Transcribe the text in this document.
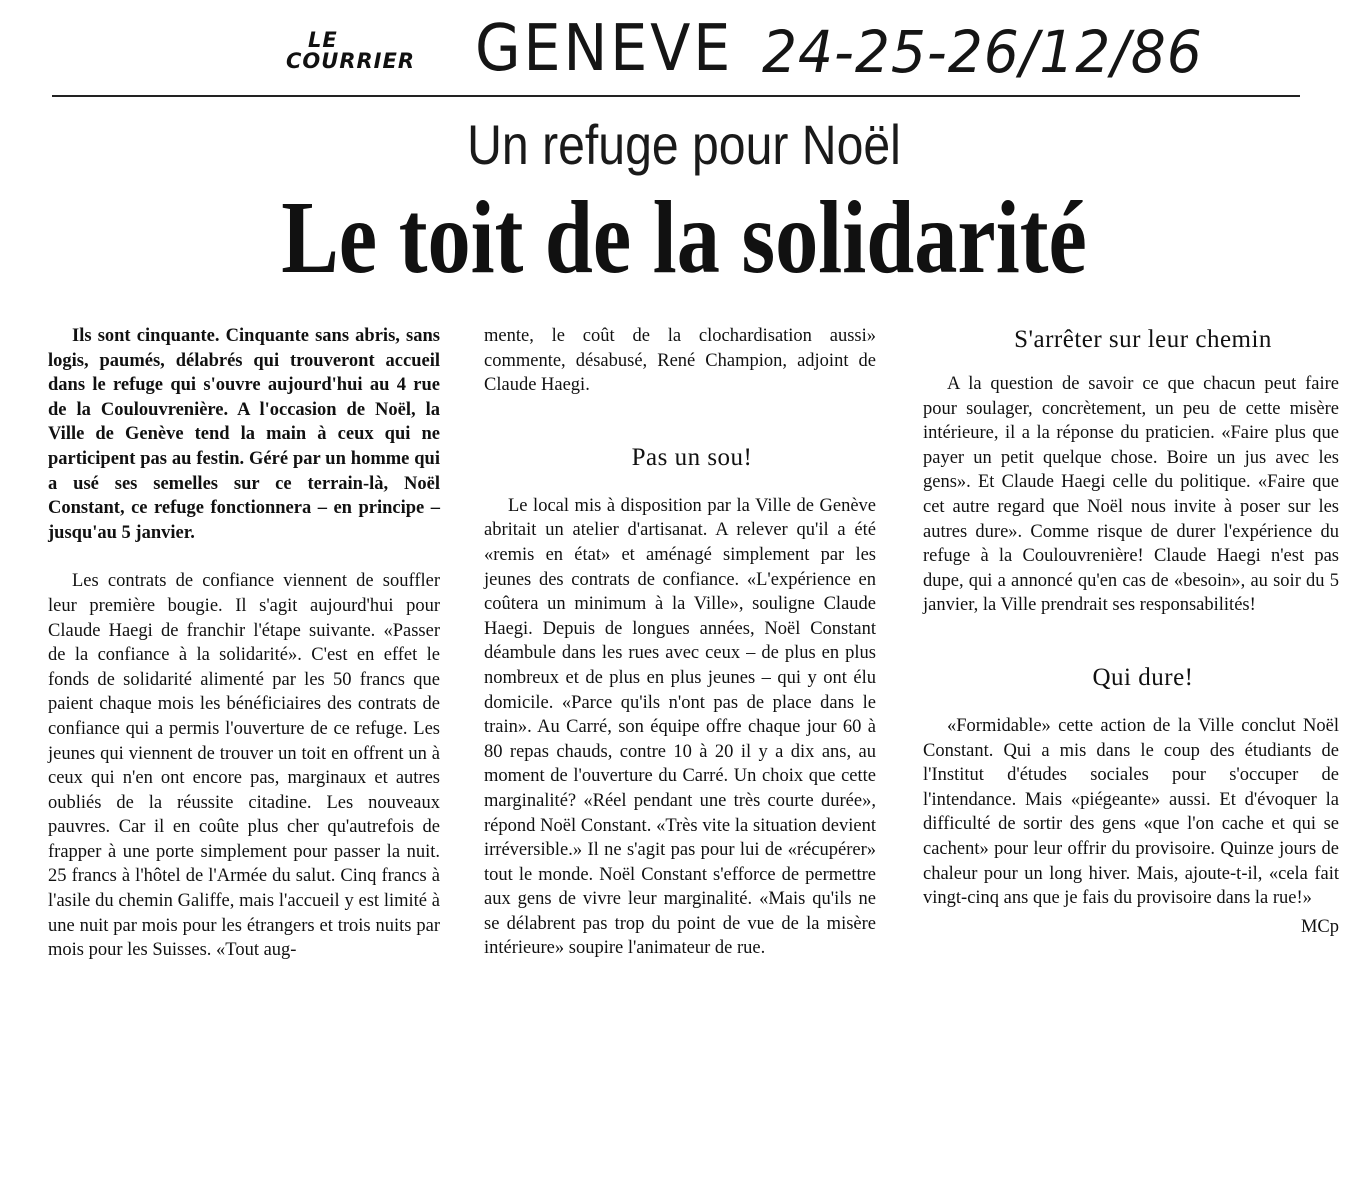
LE
COURRIER GENEVE 24-25-26/12/86
Un refuge pour Noël
Le toit de la solidarité

Ils sont cinquante. Cinquante sans abris, sans logis, paumés, délabrés qui trouveront accueil dans le refuge qui s'ouvre aujourd'hui au 4 rue de la Coulouvrenière. A l'occasion de Noël, la Ville de Genève tend la main à ceux qui ne participent pas au festin. Géré par un homme qui a usé ses semelles sur ce terrain-là, Noël Constant, ce refuge fonctionnera – en principe – jusqu'au 5 janvier.

Les contrats de confiance viennent de souffler leur première bougie. Il s'agit aujourd'hui pour Claude Haegi de franchir l'étape suivante. «Passer de la confiance à la solidarité». C'est en effet le fonds de solidarité alimenté par les 50 francs que paient chaque mois les bénéficiaires des contrats de confiance qui a permis l'ouverture de ce refuge. Les jeunes qui viennent de trouver un toit en offrent un à ceux qui n'en ont encore pas, marginaux et autres oubliés de la réussite citadine. Les nouveaux pauvres. Car il en coûte plus cher qu'autrefois de frapper à une porte simplement pour passer la nuit. 25 francs à l'hôtel de l'Armée du salut. Cinq francs à l'asile du chemin Galiffe, mais l'accueil y est limité à une nuit par mois pour les étrangers et trois nuits par mois pour les Suisses. «Tout aug-

mente, le coût de la clochardisation aussi» commente, désabusé, René Champion, adjoint de Claude Haegi.

Pas un sou!

Le local mis à disposition par la Ville de Genève abritait un atelier d'artisanat. A relever qu'il a été «remis en état» et aménagé simplement par les jeunes des contrats de confiance. «L'expérience en coûtera un minimum à la Ville», souligne Claude Haegi. Depuis de longues années, Noël Constant déambule dans les rues avec ceux – de plus en plus nombreux et de plus en plus jeunes – qui y ont élu domicile. «Parce qu'ils n'ont pas de place dans le train». Au Carré, son équipe offre chaque jour 60 à 80 repas chauds, contre 10 à 20 il y a dix ans, au moment de l'ouverture du Carré. Un choix que cette marginalité? «Réel pendant une très courte durée», répond Noël Constant. «Très vite la situation devient irréversible.» Il ne s'agit pas pour lui de «récupérer» tout le monde. Noël Constant s'efforce de permettre aux gens de vivre leur marginalité. «Mais qu'ils ne se délabrent pas trop du point de vue de la misère intérieure» soupire l'animateur de rue.

S'arrêter sur leur chemin

A la question de savoir ce que chacun peut faire pour soulager, concrètement, un peu de cette misère intérieure, il a la réponse du praticien. «Faire plus que payer un petit quelque chose. Boire un jus avec les gens». Et Claude Haegi celle du politique. «Faire que cet autre regard que Noël nous invite à poser sur les autres dure». Comme risque de durer l'expérience du refuge à la Coulouvrenière! Claude Haegi n'est pas dupe, qui a annoncé qu'en cas de «besoin», au soir du 5 janvier, la Ville prendrait ses responsabilités!

Qui dure!

«Formidable» cette action de la Ville conclut Noël Constant. Qui a mis dans le coup des étudiants de l'Institut d'études sociales pour s'occuper de l'intendance. Mais «piégeante» aussi. Et d'évoquer la difficulté de sortir des gens «que l'on cache et qui se cachent» pour leur offrir du provisoire. Quinze jours de chaleur pour un long hiver. Mais, ajoute-t-il, «cela fait vingt-cinq ans que je fais du provisoire dans la rue!»

MCp
